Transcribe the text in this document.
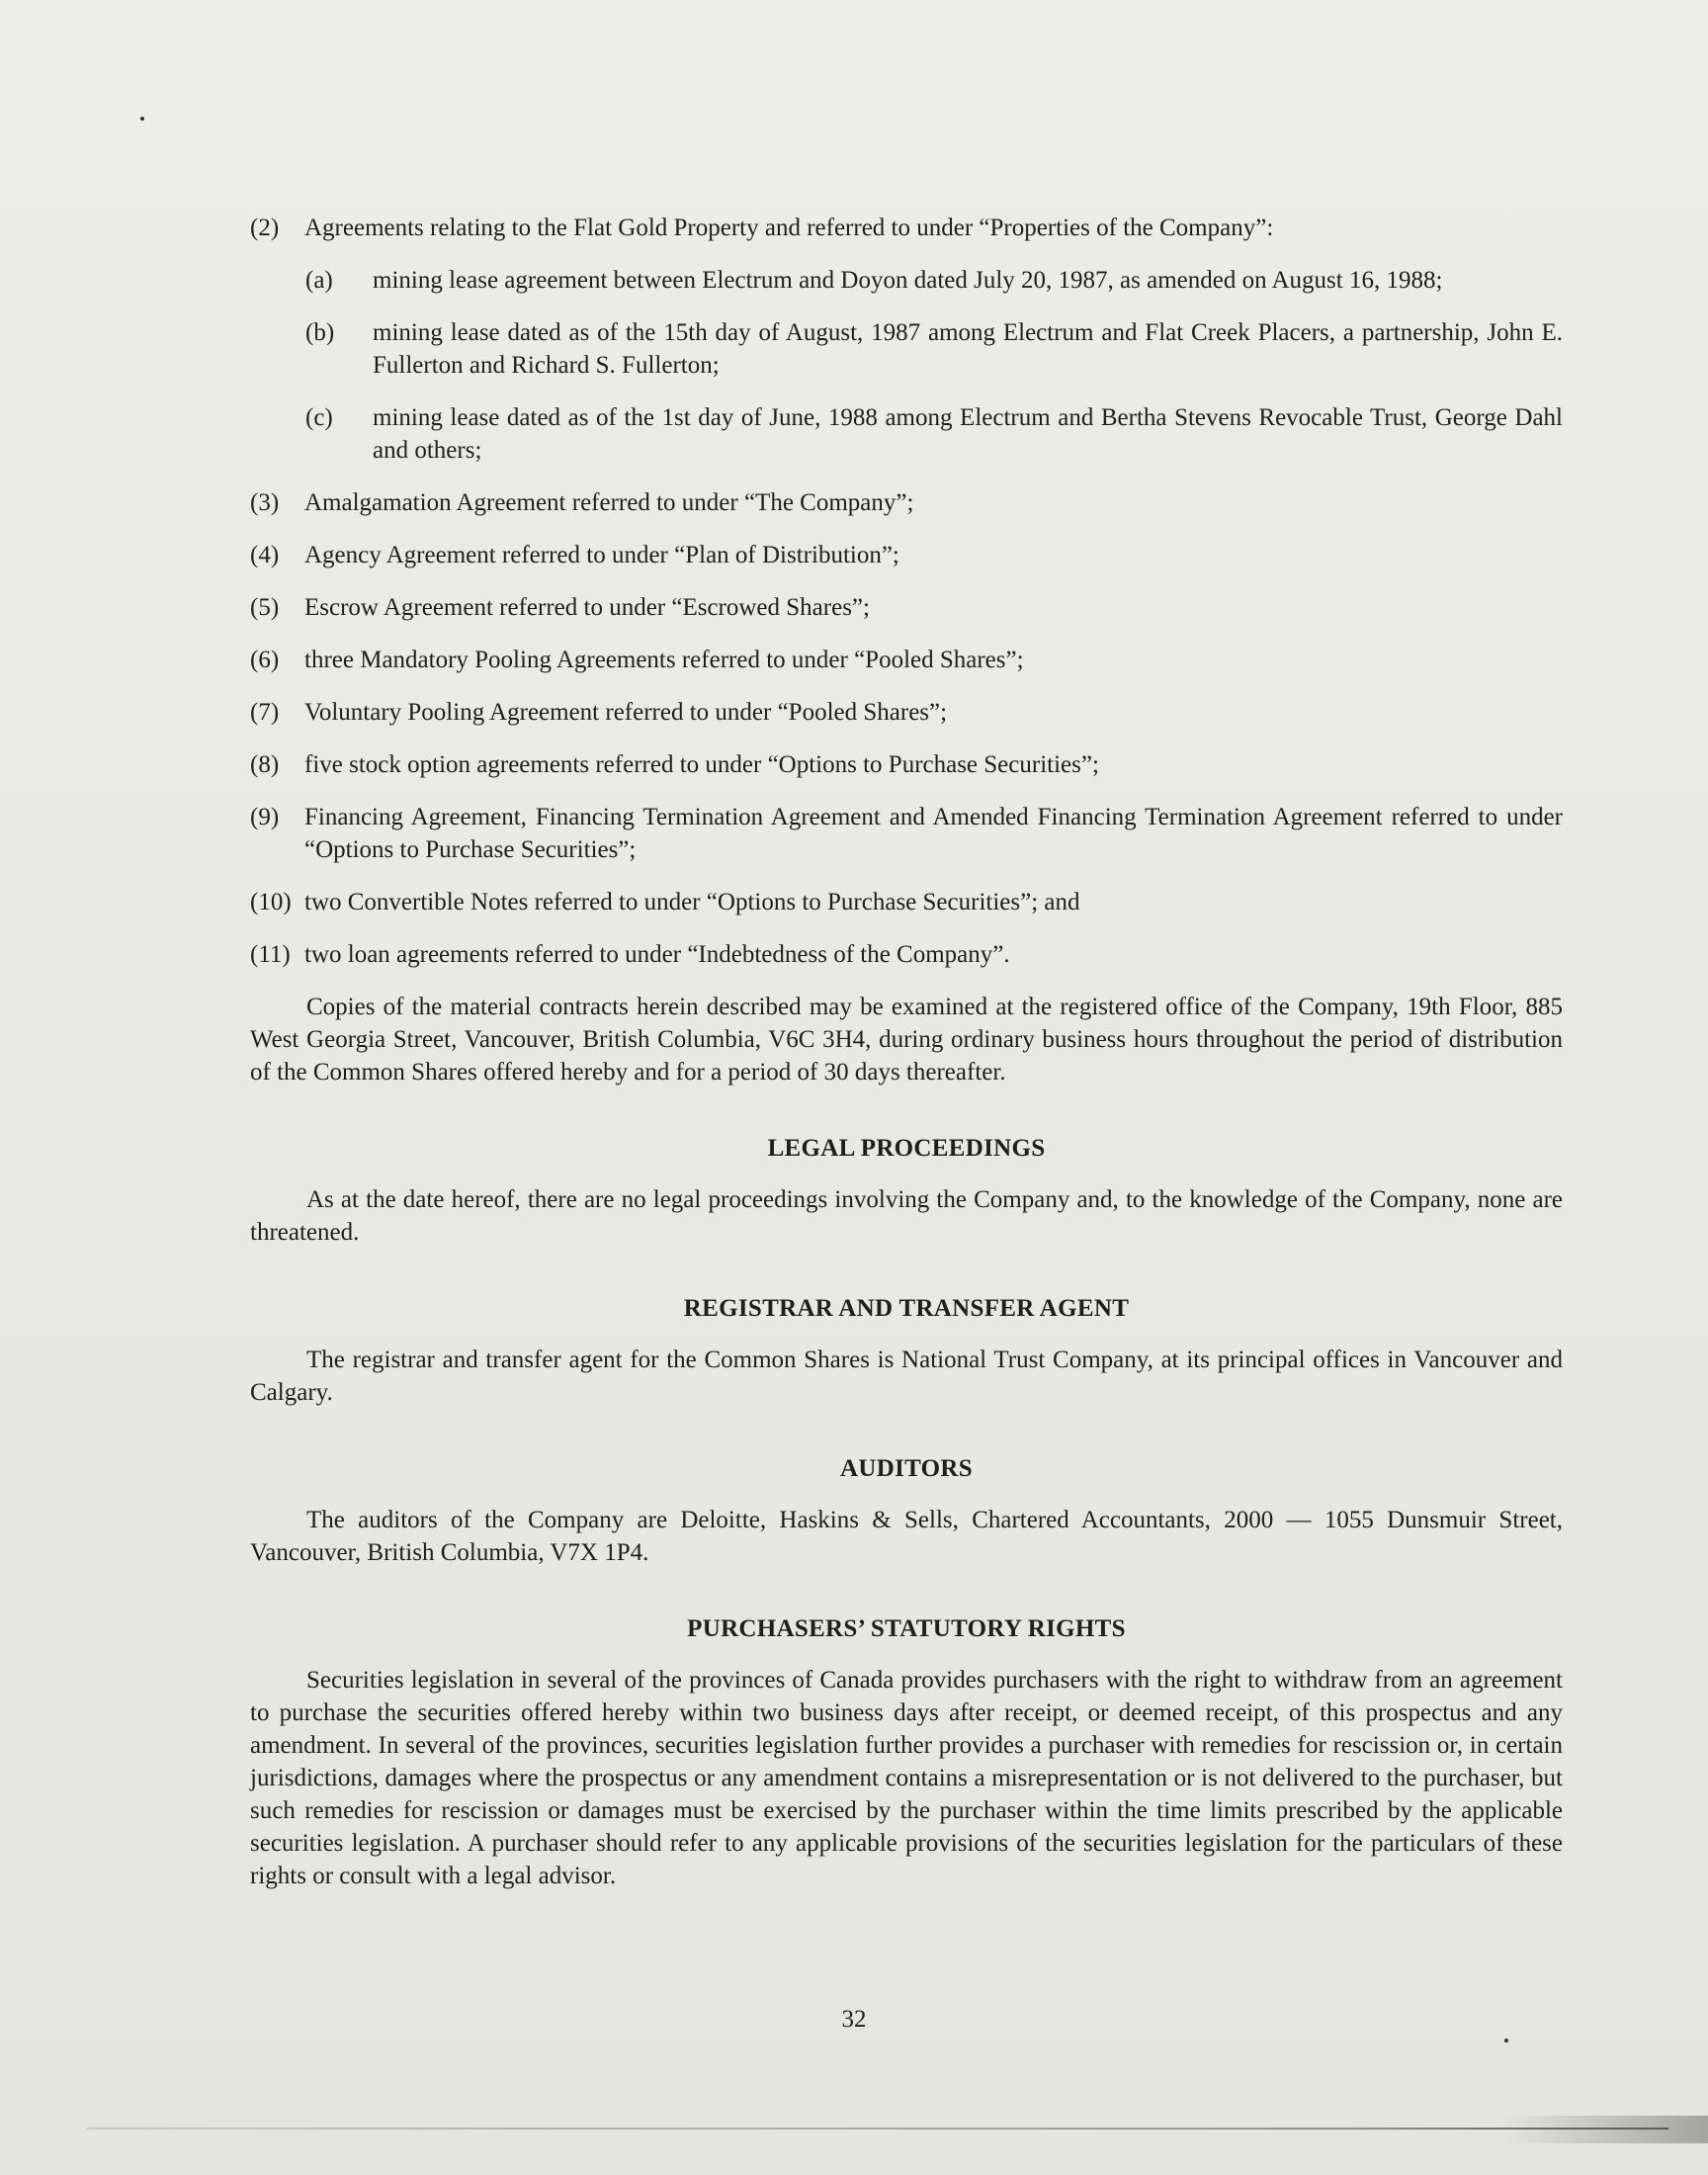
(2)	Agreements relating to the Flat Gold Property and referred to under “Properties of the Company”:
(a)	mining lease agreement between Electrum and Doyon dated July 20, 1987, as amended on August 16, 1988;
(b)	mining lease dated as of the 15th day of August, 1987 among Electrum and Flat Creek Placers, a partnership, John E. Fullerton and Richard S. Fullerton;
(c)	mining lease dated as of the 1st day of June, 1988 among Electrum and Bertha Stevens Revocable Trust, George Dahl and others;
(3)	Amalgamation Agreement referred to under “The Company”;
(4)	Agency Agreement referred to under “Plan of Distribution”;
(5)	Escrow Agreement referred to under “Escrowed Shares”;
(6)	three Mandatory Pooling Agreements referred to under “Pooled Shares”;
(7)	Voluntary Pooling Agreement referred to under “Pooled Shares”;
(8)	five stock option agreements referred to under “Options to Purchase Securities”;
(9)	Financing Agreement, Financing Termination Agreement and Amended Financing Termination Agreement referred to under “Options to Purchase Securities”;
(10) two Convertible Notes referred to under “Options to Purchase Securities”; and
(11) two loan agreements referred to under “Indebtedness of the Company”.

Copies of the material contracts herein described may be examined at the registered office of the Company, 19th Floor, 885 West Georgia Street, Vancouver, British Columbia, V6C 3H4, during ordinary business hours throughout the period of distribution of the Common Shares offered hereby and for a period of 30 days thereafter.

LEGAL PROCEEDINGS

As at the date hereof, there are no legal proceedings involving the Company and, to the knowledge of the Company, none are threatened.

REGISTRAR AND TRANSFER AGENT

The registrar and transfer agent for the Common Shares is National Trust Company, at its principal offices in Vancouver and Calgary.

AUDITORS

The auditors of the Company are Deloitte, Haskins & Sells, Chartered Accountants, 2000 — 1055 Dunsmuir Street, Vancouver, British Columbia, V7X 1P4.

PURCHASERS’ STATUTORY RIGHTS

Securities legislation in several of the provinces of Canada provides purchasers with the right to withdraw from an agreement to purchase the securities offered hereby within two business days after receipt, or deemed receipt, of this prospectus and any amendment. In several of the provinces, securities legislation further provides a purchaser with remedies for rescission or, in certain jurisdictions, damages where the prospectus or any amendment contains a misrepresentation or is not delivered to the purchaser, but such remedies for rescission or damages must be exercised by the purchaser within the time limits prescribed by the applicable securities legislation. A purchaser should refer to any applicable provisions of the securities legislation for the particulars of these rights or consult with a legal advisor.

32
